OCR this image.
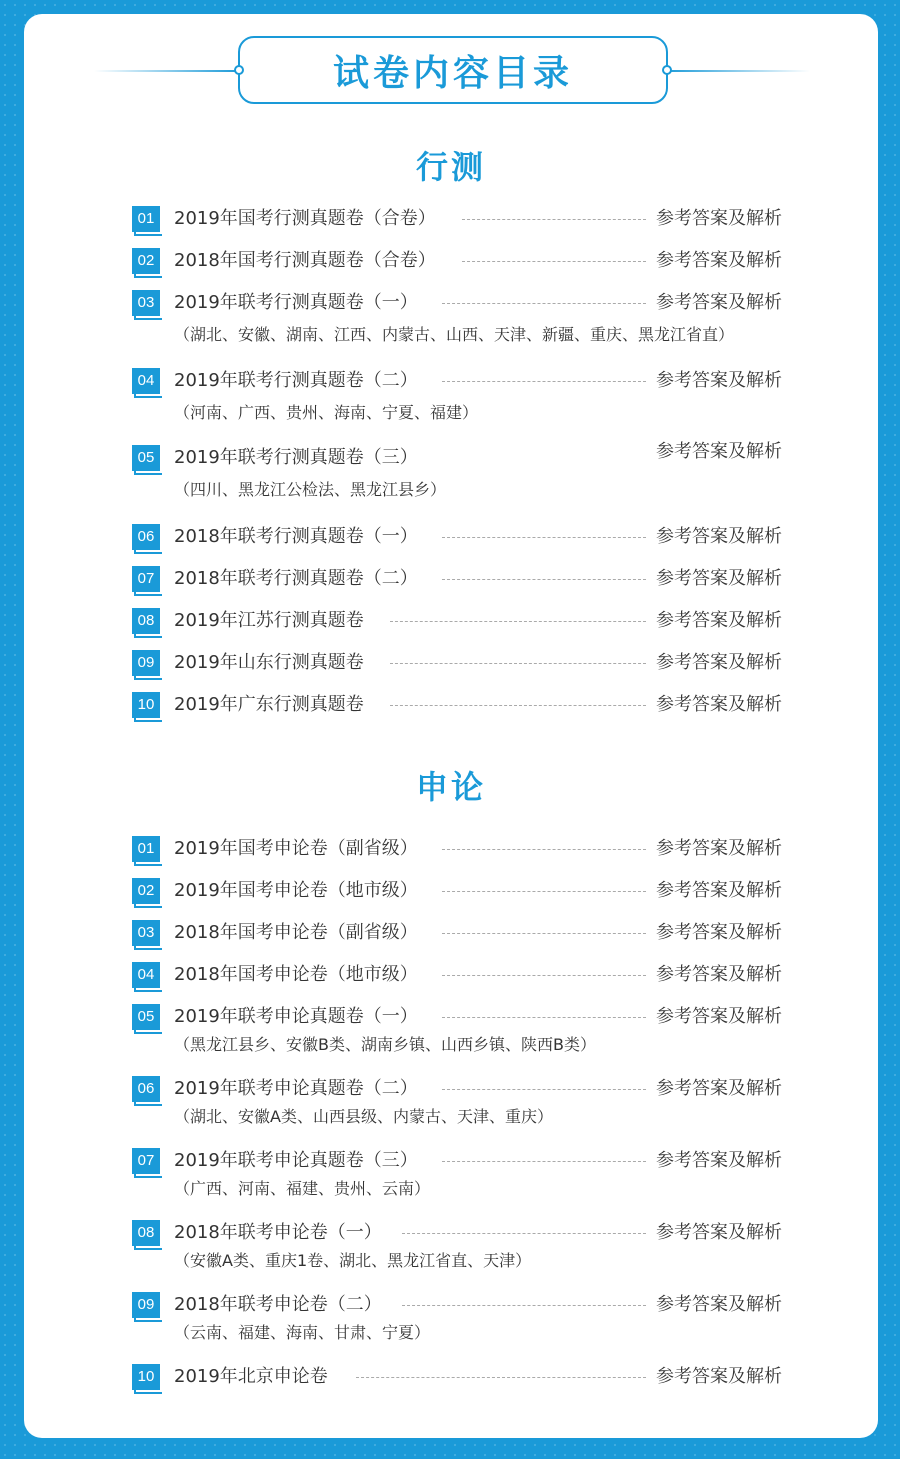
试卷内容目录
行测
申论
01	2019年国考行测真题卷（合卷）	参考答案及解析
02	2018年国考行测真题卷（合卷）	参考答案及解析
03	2019年联考行测真题卷（一）	参考答案及解析
（湖北、安徽、湖南、江西、内蒙古、山西、天津、新疆、重庆、黑龙江省直）
04	2019年联考行测真题卷（二）	参考答案及解析
（河南、广西、贵州、海南、宁夏、福建）
05	2019年联考行测真题卷（三）	参考答案及解析
（四川、黑龙江公检法、黑龙江县乡）
06	2018年联考行测真题卷（一）	参考答案及解析
07	2018年联考行测真题卷（二）	参考答案及解析
08	2019年江苏行测真题卷	参考答案及解析
09	2019年山东行测真题卷	参考答案及解析
10	2019年广东行测真题卷	参考答案及解析
01	2019年国考申论卷（副省级）	参考答案及解析
02	2019年国考申论卷（地市级）	参考答案及解析
03	2018年国考申论卷（副省级）	参考答案及解析
04	2018年国考申论卷（地市级）	参考答案及解析
05	2019年联考申论真题卷（一）	参考答案及解析
（黑龙江县乡、安徽B类、湖南乡镇、山西乡镇、陕西B类）
06	2019年联考申论真题卷（二）	参考答案及解析
（湖北、安徽A类、山西县级、内蒙古、天津、重庆）
07	2019年联考申论真题卷（三）	参考答案及解析
（广西、河南、福建、贵州、云南）
08	2018年联考申论卷（一）	参考答案及解析
（安徽A类、重庆1卷、湖北、黑龙江省直、天津）
09	2018年联考申论卷（二）	参考答案及解析
（云南、福建、海南、甘肃、宁夏）
10	2019年北京申论卷	参考答案及解析
